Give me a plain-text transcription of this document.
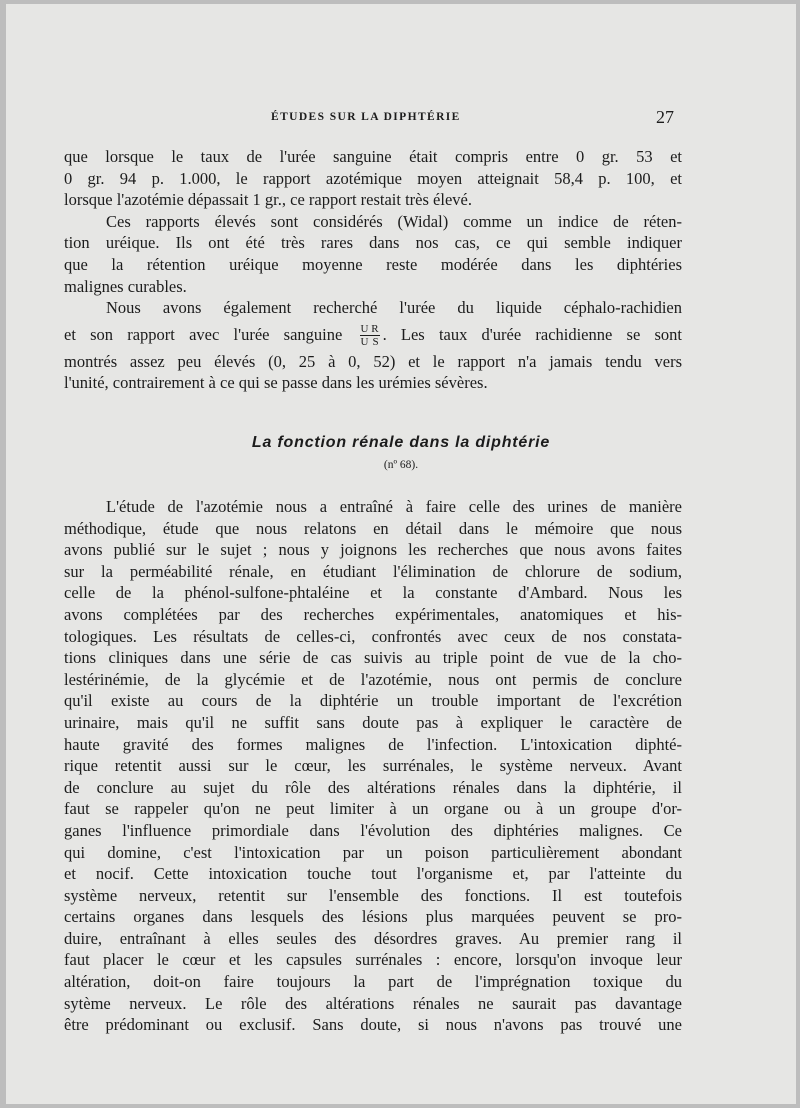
ÉTUDES SUR LA DIPHTÉRIE	27
que lorsque le taux de l'urée sanguine était compris entre 0 gr. 53 et
0 gr. 94 p. 1.000, le rapport azotémique moyen atteignait 58,4 p. 100, et
lorsque l'azotémie dépassait 1 gr., ce rapport restait très élevé.
Ces rapports élevés sont considérés (Widal) comme un indice de réten-
tion uréique. Ils ont été très rares dans nos cas, ce qui semble indiquer
que la rétention uréique moyenne reste modérée dans les diphtéries
malignes curables.
Nous avons également recherché l'urée du liquide céphalo-rachidien
et son rapport avec l'urée sanguine $\frac{\text{U R}}{\text{U S}}$ . Les taux d'urée rachidienne se sont
montrés assez peu élevés (0, 25 à 0, 52) et le rapport n'a jamais tendu vers
l'unité, contrairement à ce qui se passe dans les urémies sévères.
La fonction rénale dans la diphtérie
(nº 68).
L'étude de l'azotémie nous a entraîné à faire celle des urines de manière
méthodique, étude que nous relatons en détail dans le mémoire que nous
avons publié sur le sujet ; nous y joignons les recherches que nous avons faites
sur la perméabilité rénale, en étudiant l'élimination de chlorure de sodium,
celle de la phénol-sulfone-phtaléine et la constante d'Ambard. Nous les
avons complétées par des recherches expérimentales, anatomiques et his-
tologiques. Les résultats de celles-ci, confrontés avec ceux de nos constata-
tions cliniques dans une série de cas suivis au triple point de vue de la cho-
lestérinémie, de la glycémie et de l'azotémie, nous ont permis de conclure
qu'il existe au cours de la diphtérie un trouble important de l'excrétion
urinaire, mais qu'il ne suffit sans doute pas à expliquer le caractère de
haute gravité des formes malignes de l'infection. L'intoxication diphté-
rique retentit aussi sur le cœur, les surrénales, le système nerveux. Avant
de conclure au sujet du rôle des altérations rénales dans la diphtérie, il
faut se rappeler qu'on ne peut limiter à un organe ou à un groupe d'or-
ganes l'influence primordiale dans l'évolution des diphtéries malignes. Ce
qui domine, c'est l'intoxication par un poison particulièrement abondant
et nocif. Cette intoxication touche tout l'organisme et, par l'atteinte du
système nerveux, retentit sur l'ensemble des fonctions. Il est toutefois
certains organes dans lesquels des lésions plus marquées peuvent se pro-
duire, entraînant à elles seules des désordres graves. Au premier rang il
faut placer le cœur et les capsules surrénales : encore, lorsqu'on invoque leur
altération, doit-on faire toujours la part de l'imprégnation toxique du
sytème nerveux. Le rôle des altérations rénales ne saurait pas davantage
être prédominant ou exclusif. Sans doute, si nous n'avons pas trouvé une
